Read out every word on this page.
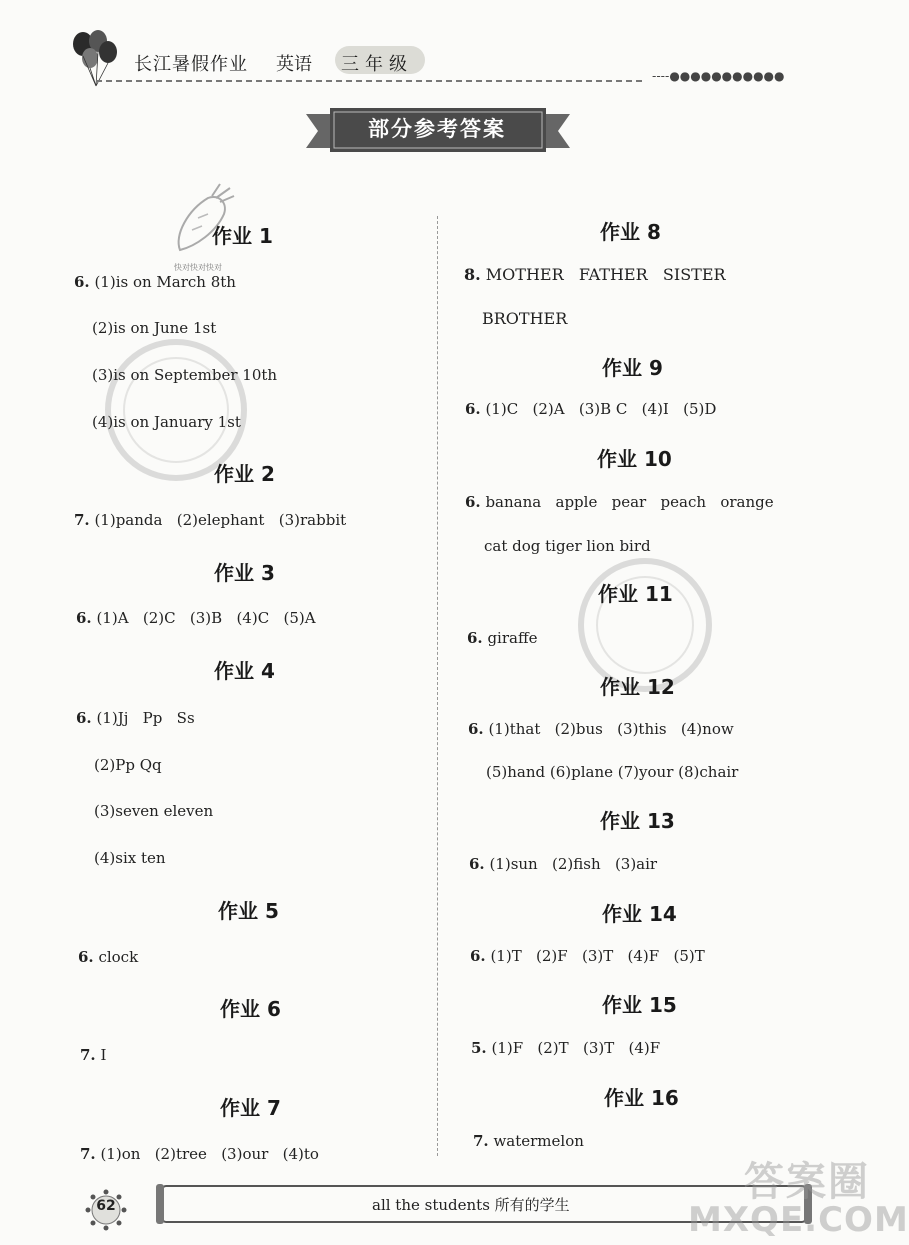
长江暑假作业 英语 三年级
----●●●●●●●●●●●
部分参考答案
快对快对快对
作业 1
6. (1)is on March 8th
(2)is on June 1st
(3)is on September 10th
(4)is on January 1st
作业 2
7. (1)panda   (2)elephant   (3)rabbit
作业 3
6. (1)A   (2)C   (3)B   (4)C   (5)A
作业 4
6. (1)Jj   Pp   Ss
(2)Pp Qq
(3)seven eleven
(4)six ten
作业 5
6. clock
作业 6
7. I
作业 7
7. (1)on   (2)tree   (3)our   (4)to
作业 8
8. MOTHER   FATHER   SISTER
BROTHER
作业 9
6. (1)C   (2)A   (3)B C   (4)I   (5)D
作业 10
6. banana   apple   pear   peach   orange
cat dog tiger lion bird
作业 11
6. giraffe
作业 12
6. (1)that   (2)bus   (3)this   (4)now
(5)hand (6)plane (7)your (8)chair
作业 13
6. (1)sun   (2)fish   (3)air
作业 14
6. (1)T   (2)F   (3)T   (4)F   (5)T
作业 15
5. (1)F   (2)T   (3)T   (4)F
作业 16
7. watermelon
62	all the students 所有的学生	答案圈
MXQE.COM
